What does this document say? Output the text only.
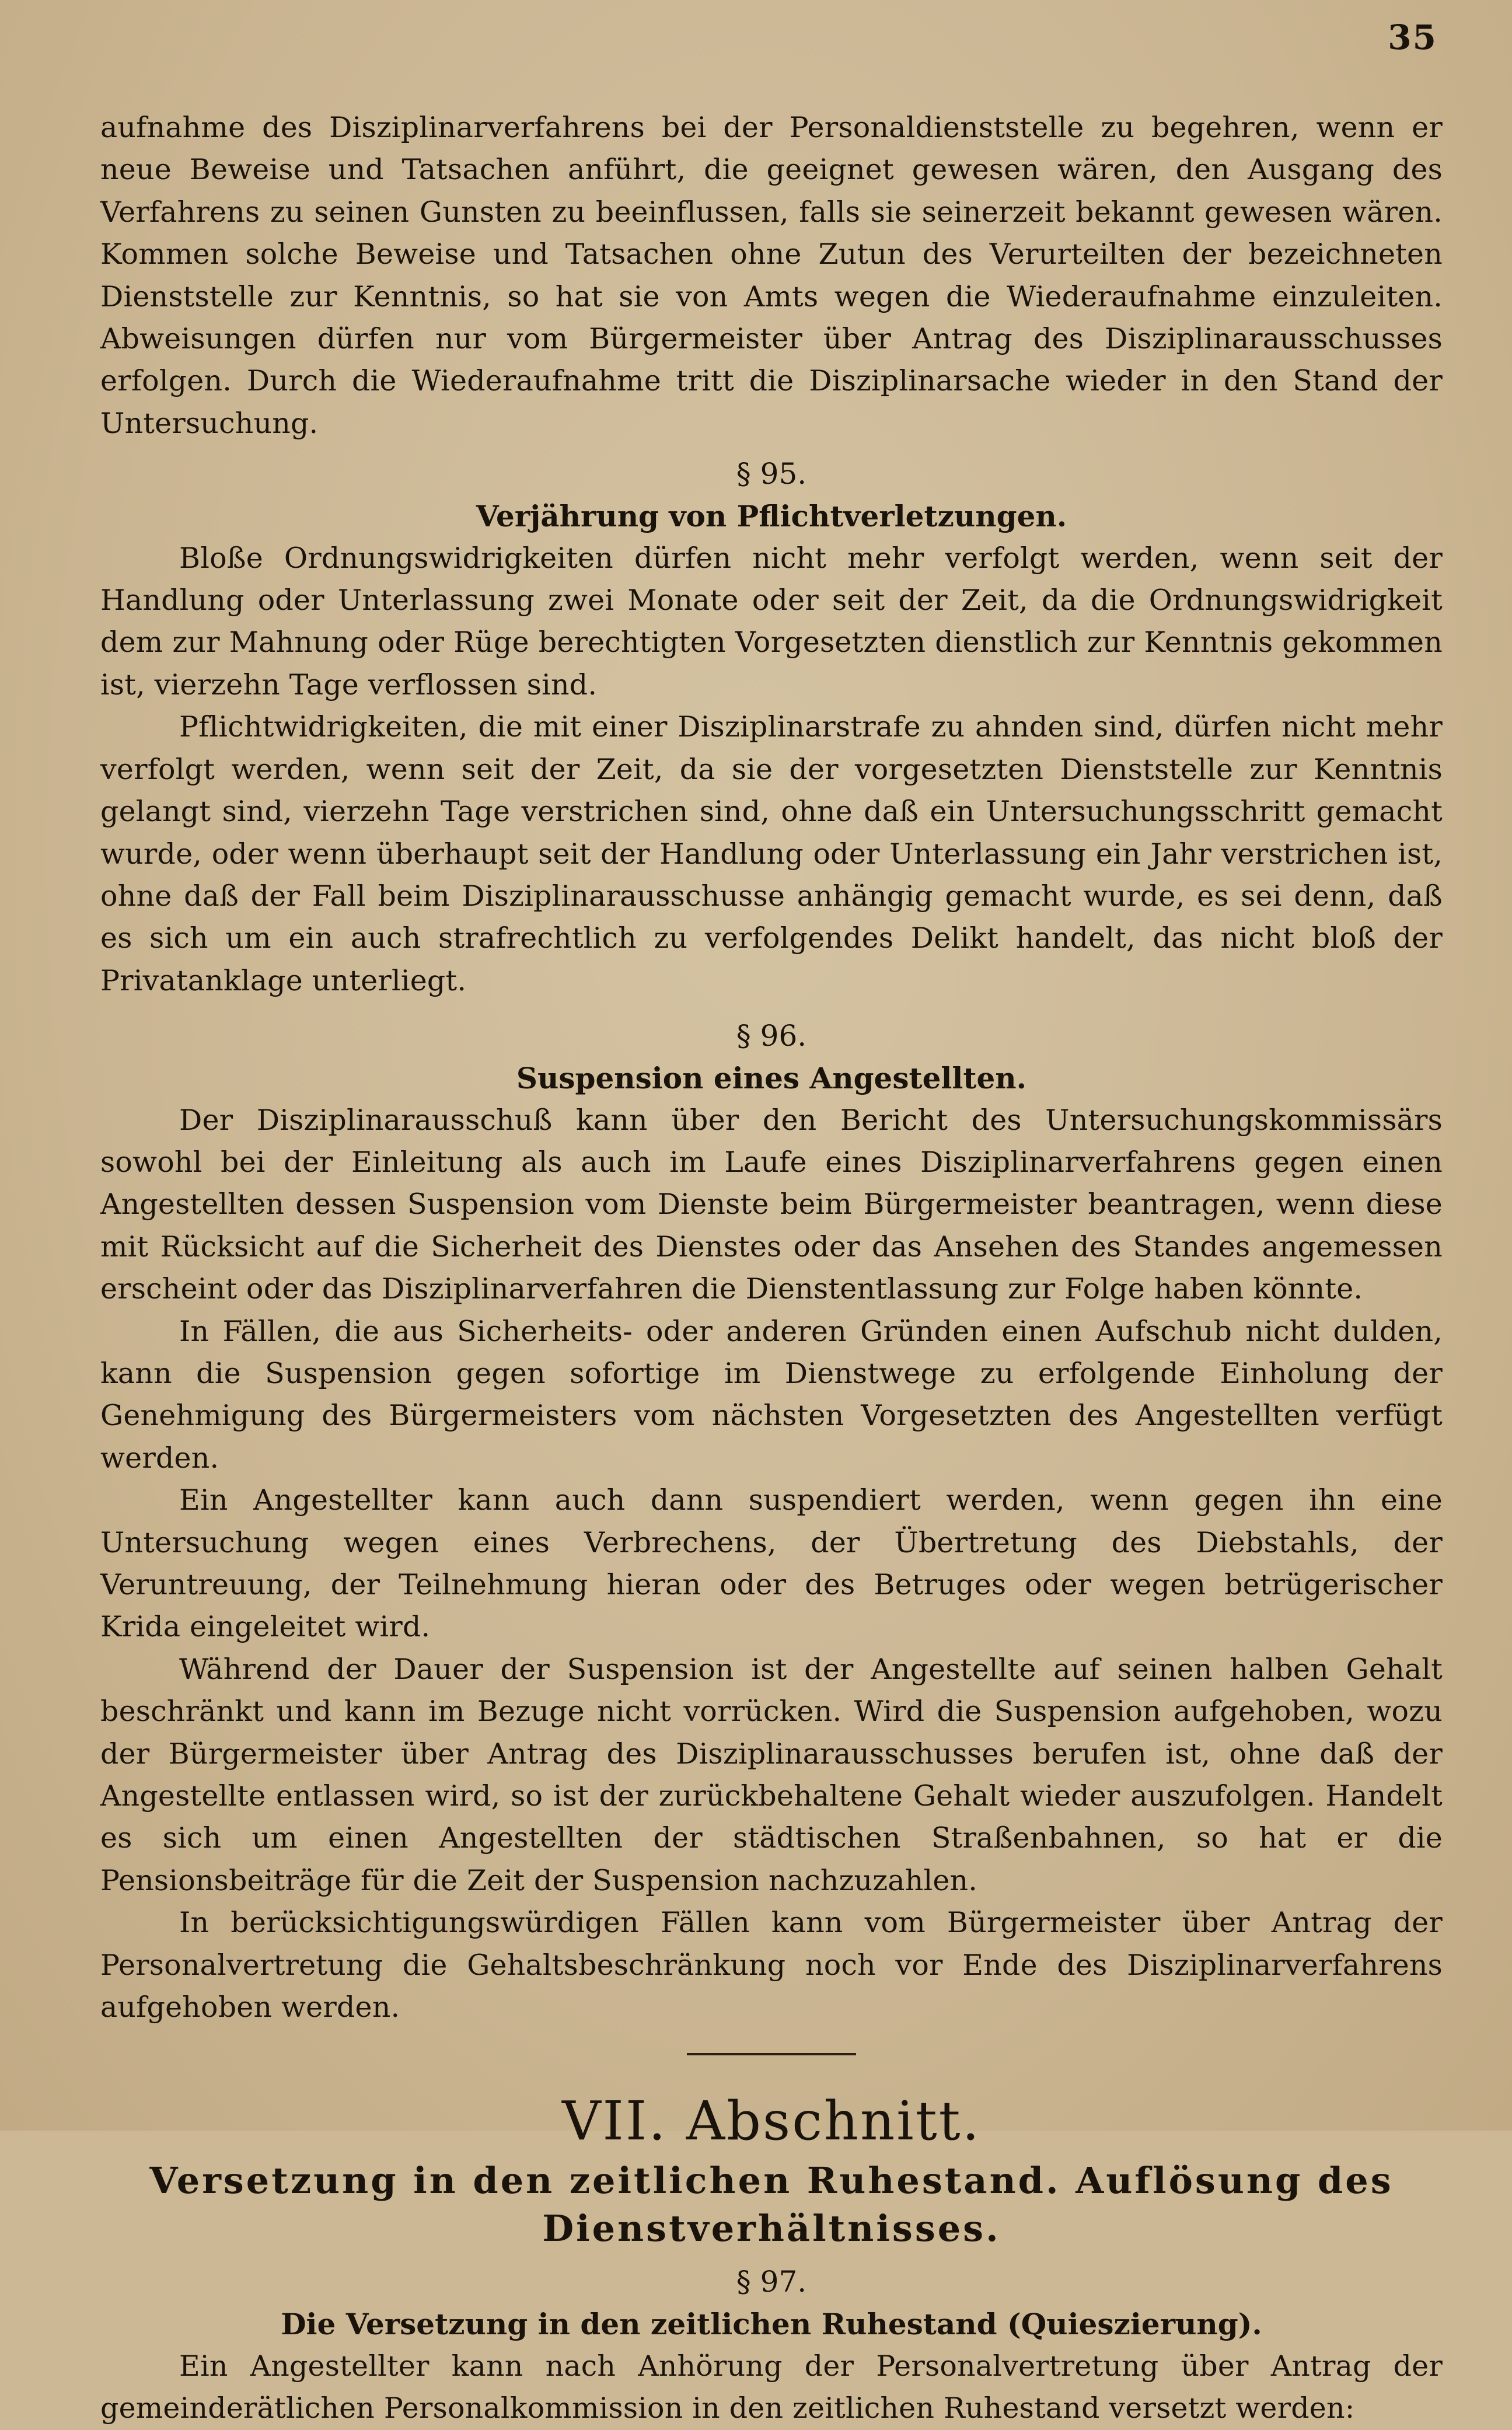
35

aufnahme des Disziplinarverfahrens bei der Personaldienststelle zu begehren, wenn er neue Beweise und Tatsachen anführt, die geeignet gewesen wären, den Ausgang des Verfahrens zu seinen Gunsten zu beeinflussen, falls sie seinerzeit bekannt gewesen wären. Kommen solche Beweise und Tatsachen ohne Zutun des Verurteilten der bezeichneten Dienststelle zur Kenntnis, so hat sie von Amts wegen die Wiederaufnahme einzuleiten. Abweisungen dürfen nur vom Bürgermeister über Antrag des Disziplinarausschusses erfolgen. Durch die Wiederaufnahme tritt die Disziplinarsache wieder in den Stand der Untersuchung.

§ 95.
Verjährung von Pflichtverletzungen.

Bloße Ordnungswidrigkeiten dürfen nicht mehr verfolgt werden, wenn seit der Handlung oder Unterlassung zwei Monate oder seit der Zeit, da die Ordnungswidrigkeit dem zur Mahnung oder Rüge berechtigten Vorgesetzten dienstlich zur Kenntnis gekommen ist, vierzehn Tage verflossen sind.

Pflichtwidrigkeiten, die mit einer Disziplinarstrafe zu ahnden sind, dürfen nicht mehr verfolgt werden, wenn seit der Zeit, da sie der vorgesetzten Dienststelle zur Kenntnis gelangt sind, vierzehn Tage verstrichen sind, ohne daß ein Untersuchungsschritt gemacht wurde, oder wenn überhaupt seit der Handlung oder Unterlassung ein Jahr verstrichen ist, ohne daß der Fall beim Disziplinarausschusse anhängig gemacht wurde, es sei denn, daß es sich um ein auch strafrechtlich zu verfolgendes Delikt handelt, das nicht bloß der Privatanklage unterliegt.

§ 96.
Suspension eines Angestellten.

Der Disziplinarausschuß kann über den Bericht des Untersuchungskommissärs sowohl bei der Einleitung als auch im Laufe eines Disziplinarverfahrens gegen einen Angestellten dessen Suspension vom Dienste beim Bürgermeister beantragen, wenn diese mit Rücksicht auf die Sicherheit des Dienstes oder das Ansehen des Standes angemessen erscheint oder das Disziplinarverfahren die Dienstentlassung zur Folge haben könnte.

In Fällen, die aus Sicherheits- oder anderen Gründen einen Aufschub nicht dulden, kann die Suspension gegen sofortige im Dienstwege zu erfolgende Einholung der Genehmigung des Bürgermeisters vom nächsten Vorgesetzten des Angestellten verfügt werden.

Ein Angestellter kann auch dann suspendiert werden, wenn gegen ihn eine Untersuchung wegen eines Verbrechens, der Übertretung des Diebstahls, der Veruntreuung, der Teilnehmung hieran oder des Betruges oder wegen betrügerischer Krida eingeleitet wird.

Während der Dauer der Suspension ist der Angestellte auf seinen halben Gehalt beschränkt und kann im Bezuge nicht vorrücken. Wird die Suspension aufgehoben, wozu der Bürgermeister über Antrag des Disziplinarausschusses berufen ist, ohne daß der Angestellte entlassen wird, so ist der zurückbehaltene Gehalt wieder auszufolgen. Handelt es sich um einen Angestellten der städtischen Straßenbahnen, so hat er die Pensionsbeiträge für die Zeit der Suspension nachzuzahlen.

In berücksichtigungswürdigen Fällen kann vom Bürgermeister über Antrag der Personalvertretung die Gehaltsbeschränkung noch vor Ende des Disziplinarverfahrens aufgehoben werden.

VII. Abschnitt.
Versetzung in den zeitlichen Ruhestand. Auflösung des Dienstverhältnisses.
§ 97.
Die Versetzung in den zeitlichen Ruhestand (Quieszierung).

Ein Angestellter kann nach Anhörung der Personalvertretung über Antrag der gemeinderätlichen Personalkommission in den zeitlichen Ruhestand versetzt werden:
